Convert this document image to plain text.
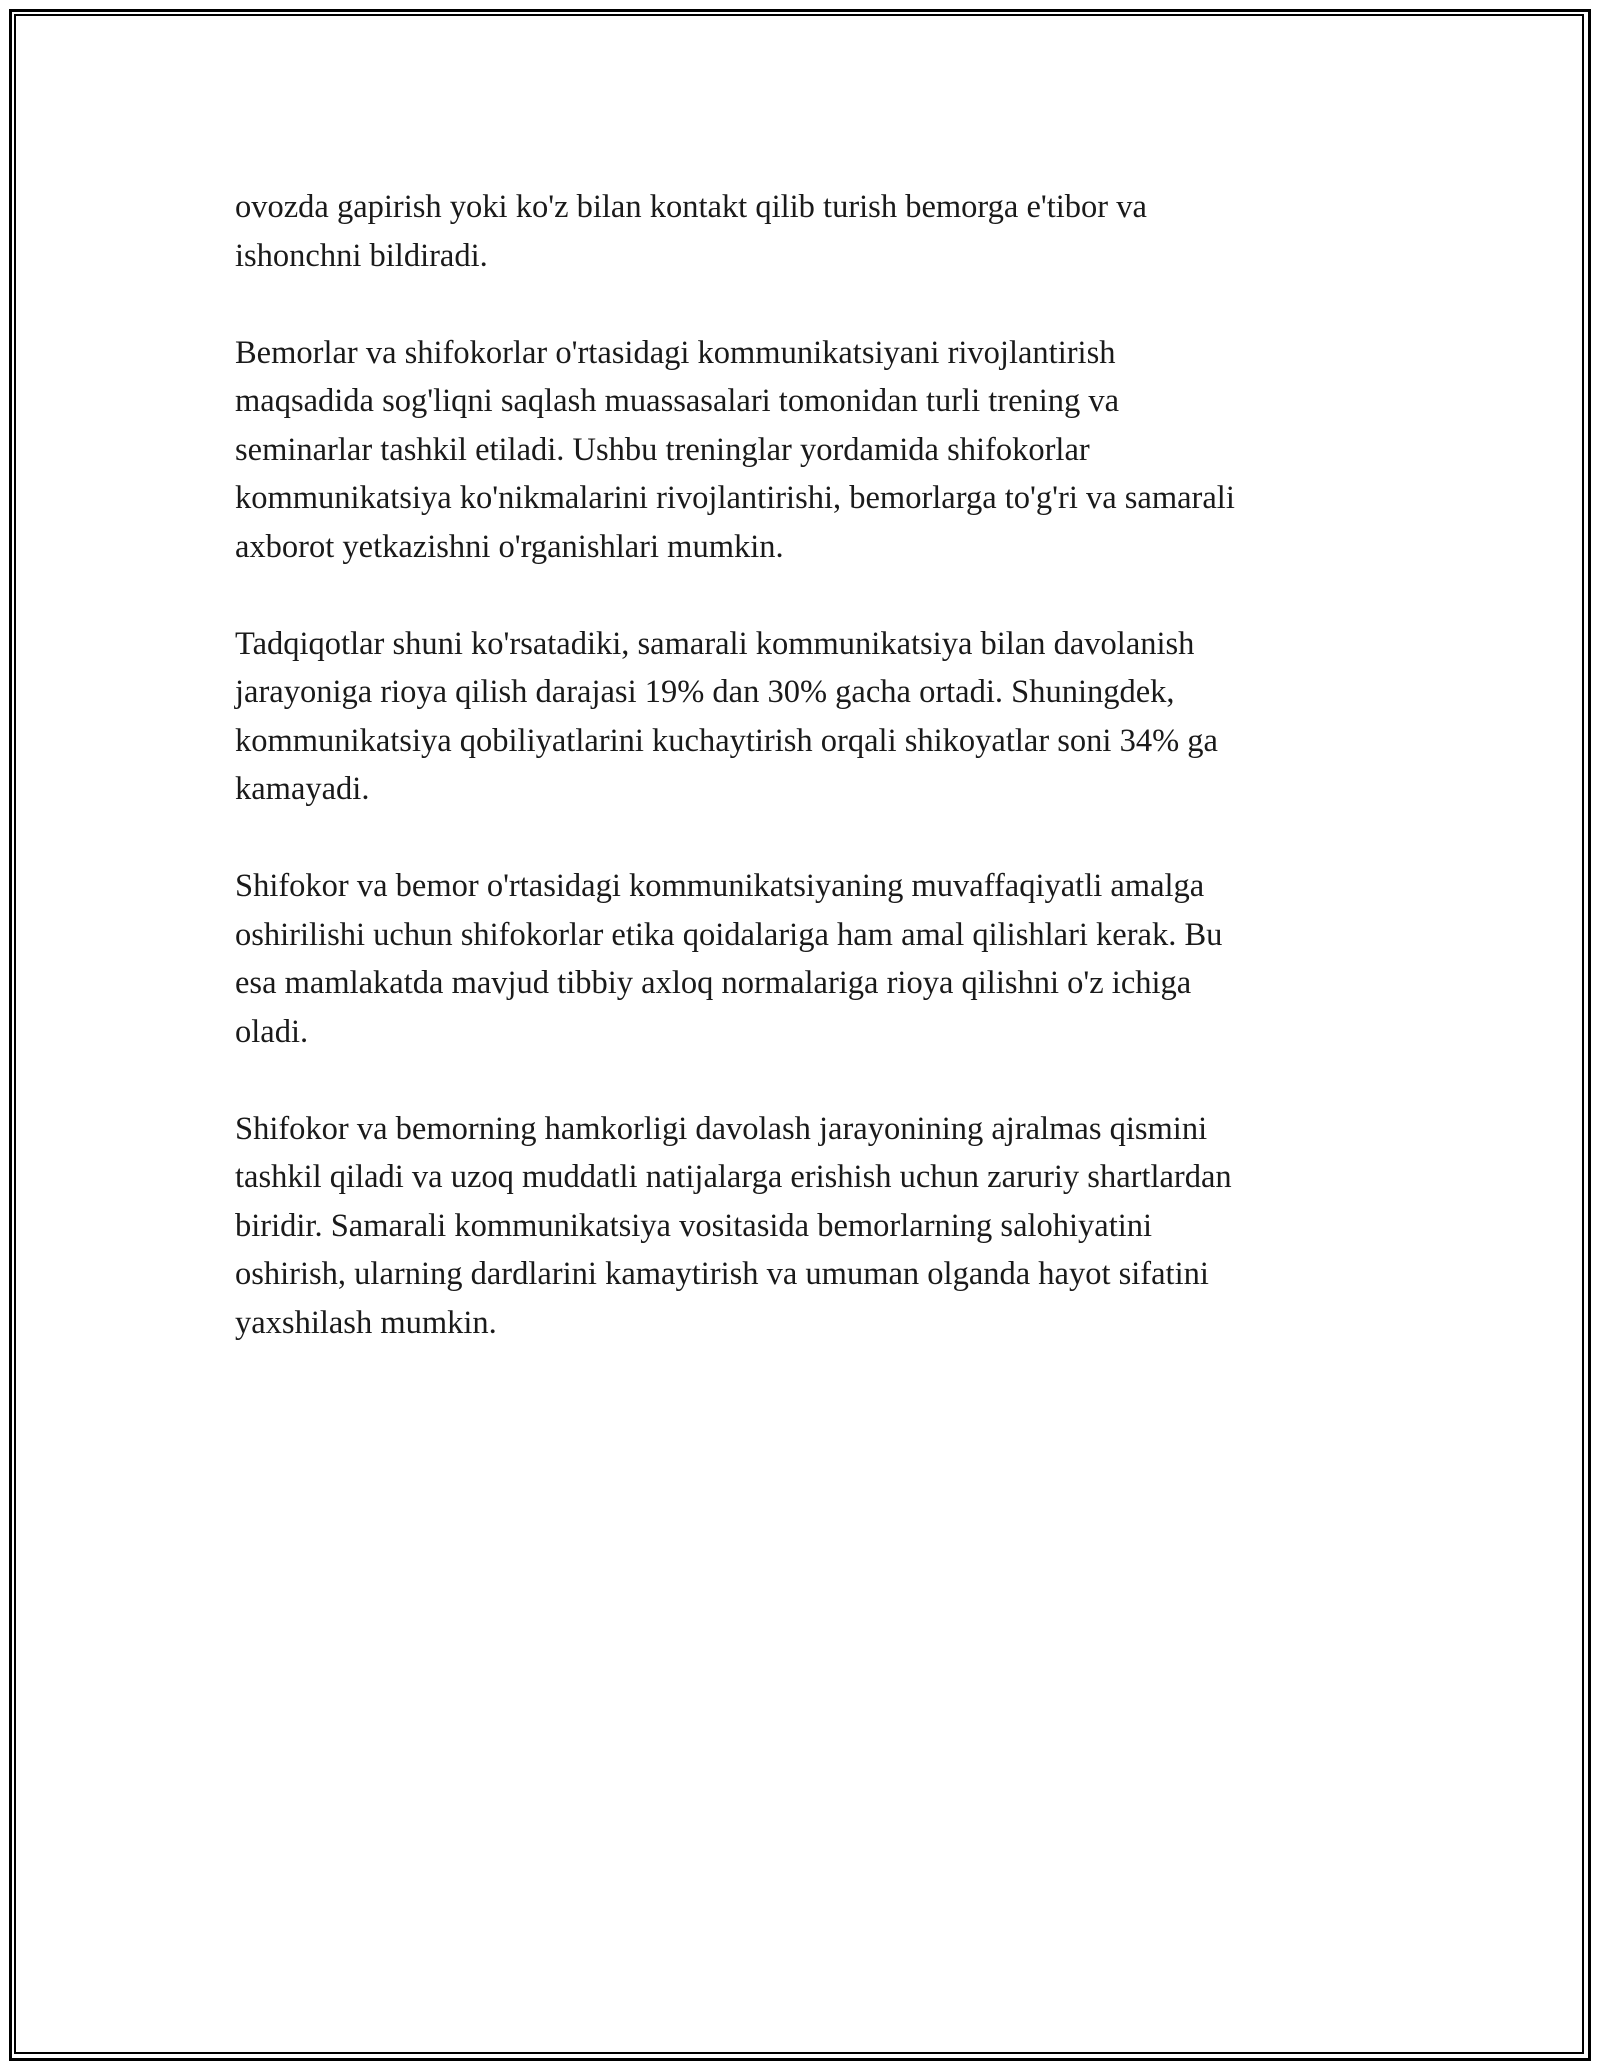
ovozda gapirish yoki ko'z bilan kontakt qilib turish bemorga e'tibor va
ishonchni bildiradi.

Bemorlar va shifokorlar o'rtasidagi kommunikatsiyani rivojlantirish
maqsadida sog'liqni saqlash muassasalari tomonidan turli trening va
seminarlar tashkil etiladi. Ushbu treninglar yordamida shifokorlar
kommunikatsiya ko'nikmalarini rivojlantirishi, bemorlarga to'g'ri va samarali
axborot yetkazishni o'rganishlari mumkin.

Tadqiqotlar shuni ko'rsatadiki, samarali kommunikatsiya bilan davolanish
jarayoniga rioya qilish darajasi 19% dan 30% gacha ortadi. Shuningdek,
kommunikatsiya qobiliyatlarini kuchaytirish orqali shikoyatlar soni 34% ga
kamayadi.

Shifokor va bemor o'rtasidagi kommunikatsiyaning muvaffaqiyatli amalga
oshirilishi uchun shifokorlar etika qoidalariga ham amal qilishlari kerak. Bu
esa mamlakatda mavjud tibbiy axloq normalariga rioya qilishni o'z ichiga
oladi.

Shifokor va bemorning hamkorligi davolash jarayonining ajralmas qismini
tashkil qiladi va uzoq muddatli natijalarga erishish uchun zaruriy shartlardan
biridir. Samarali kommunikatsiya vositasida bemorlarning salohiyatini
oshirish, ularning dardlarini kamaytirish va umuman olganda hayot sifatini
yaxshilash mumkin.
